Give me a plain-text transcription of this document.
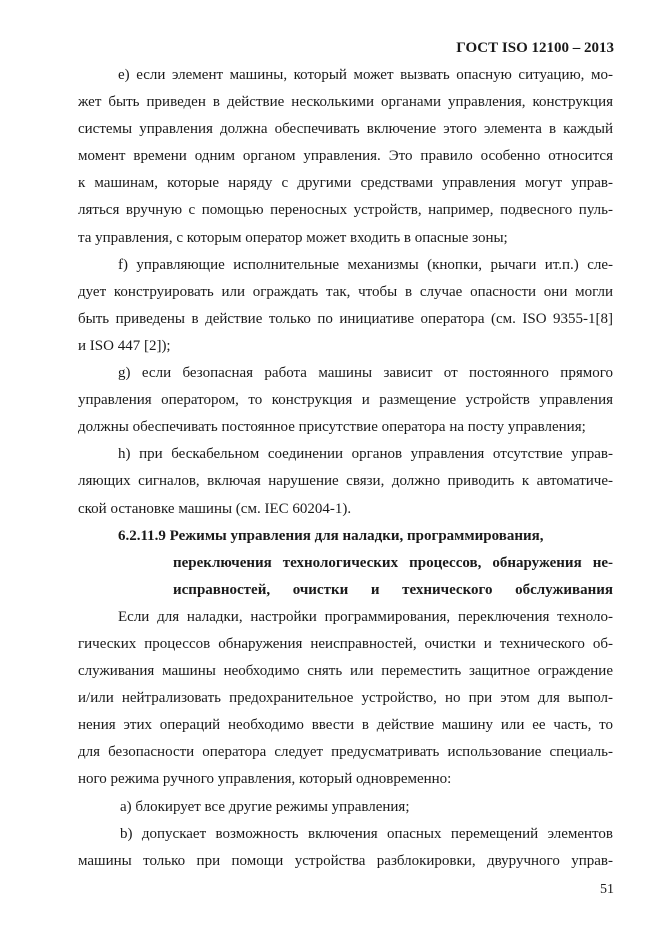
ГОСТ ISO 12100 – 2013
е) если элемент машины, который может вызвать опасную ситуацию, мо-
жет быть приведен в действие несколькими органами управления, конструкция
системы управления должна обеспечивать включение этого элемента в каждый
момент времени одним органом управления. Это правило особенно относится
к машинам, которые наряду с другими средствами управления могут управ-
ляться вручную с помощью переносных устройств, например, подвесного пуль-
та управления, с которым оператор может входить в опасные зоны;
f) управляющие исполнительные механизмы (кнопки, рычаги ит.п.) сле-
дует конструировать или ограждать так, чтобы в случае опасности они могли
быть приведены в действие только по инициативе оператора (см. ISO 9355-1[8]
и ISO 447 [2]);
g) если безопасная работа машины зависит от постоянного прямого
управления оператором, то конструкция и размещение устройств управления
должны обеспечивать постоянное присутствие оператора на посту управления;
h) при бескабельном соединении органов управления отсутствие управ-
ляющих сигналов, включая нарушение связи, должно приводить к автоматиче-
ской остановке машины (см. IEC 60204-1).
6.2.11.9 Режимы управления для наладки, программирования,
переключения технологических процессов, обнаружения не-
исправностей, очистки и технического обслуживания
Если для наладки, настройки программирования, переключения техноло-
гических процессов обнаружения неисправностей, очистки и технического об-
служивания машины необходимо снять или переместить защитное ограждение
и/или нейтрализовать предохранительное устройство, но при этом для выпол-
нения этих операций необходимо ввести в действие машину или ее часть, то
для безопасности оператора следует предусматривать использование специаль-
ного режима ручного управления, который одновременно:
а) блокирует все другие режимы управления;
b) допускает возможность включения опасных перемещений элементов
машины только при помощи устройства разблокировки, двуручного управ-
51
